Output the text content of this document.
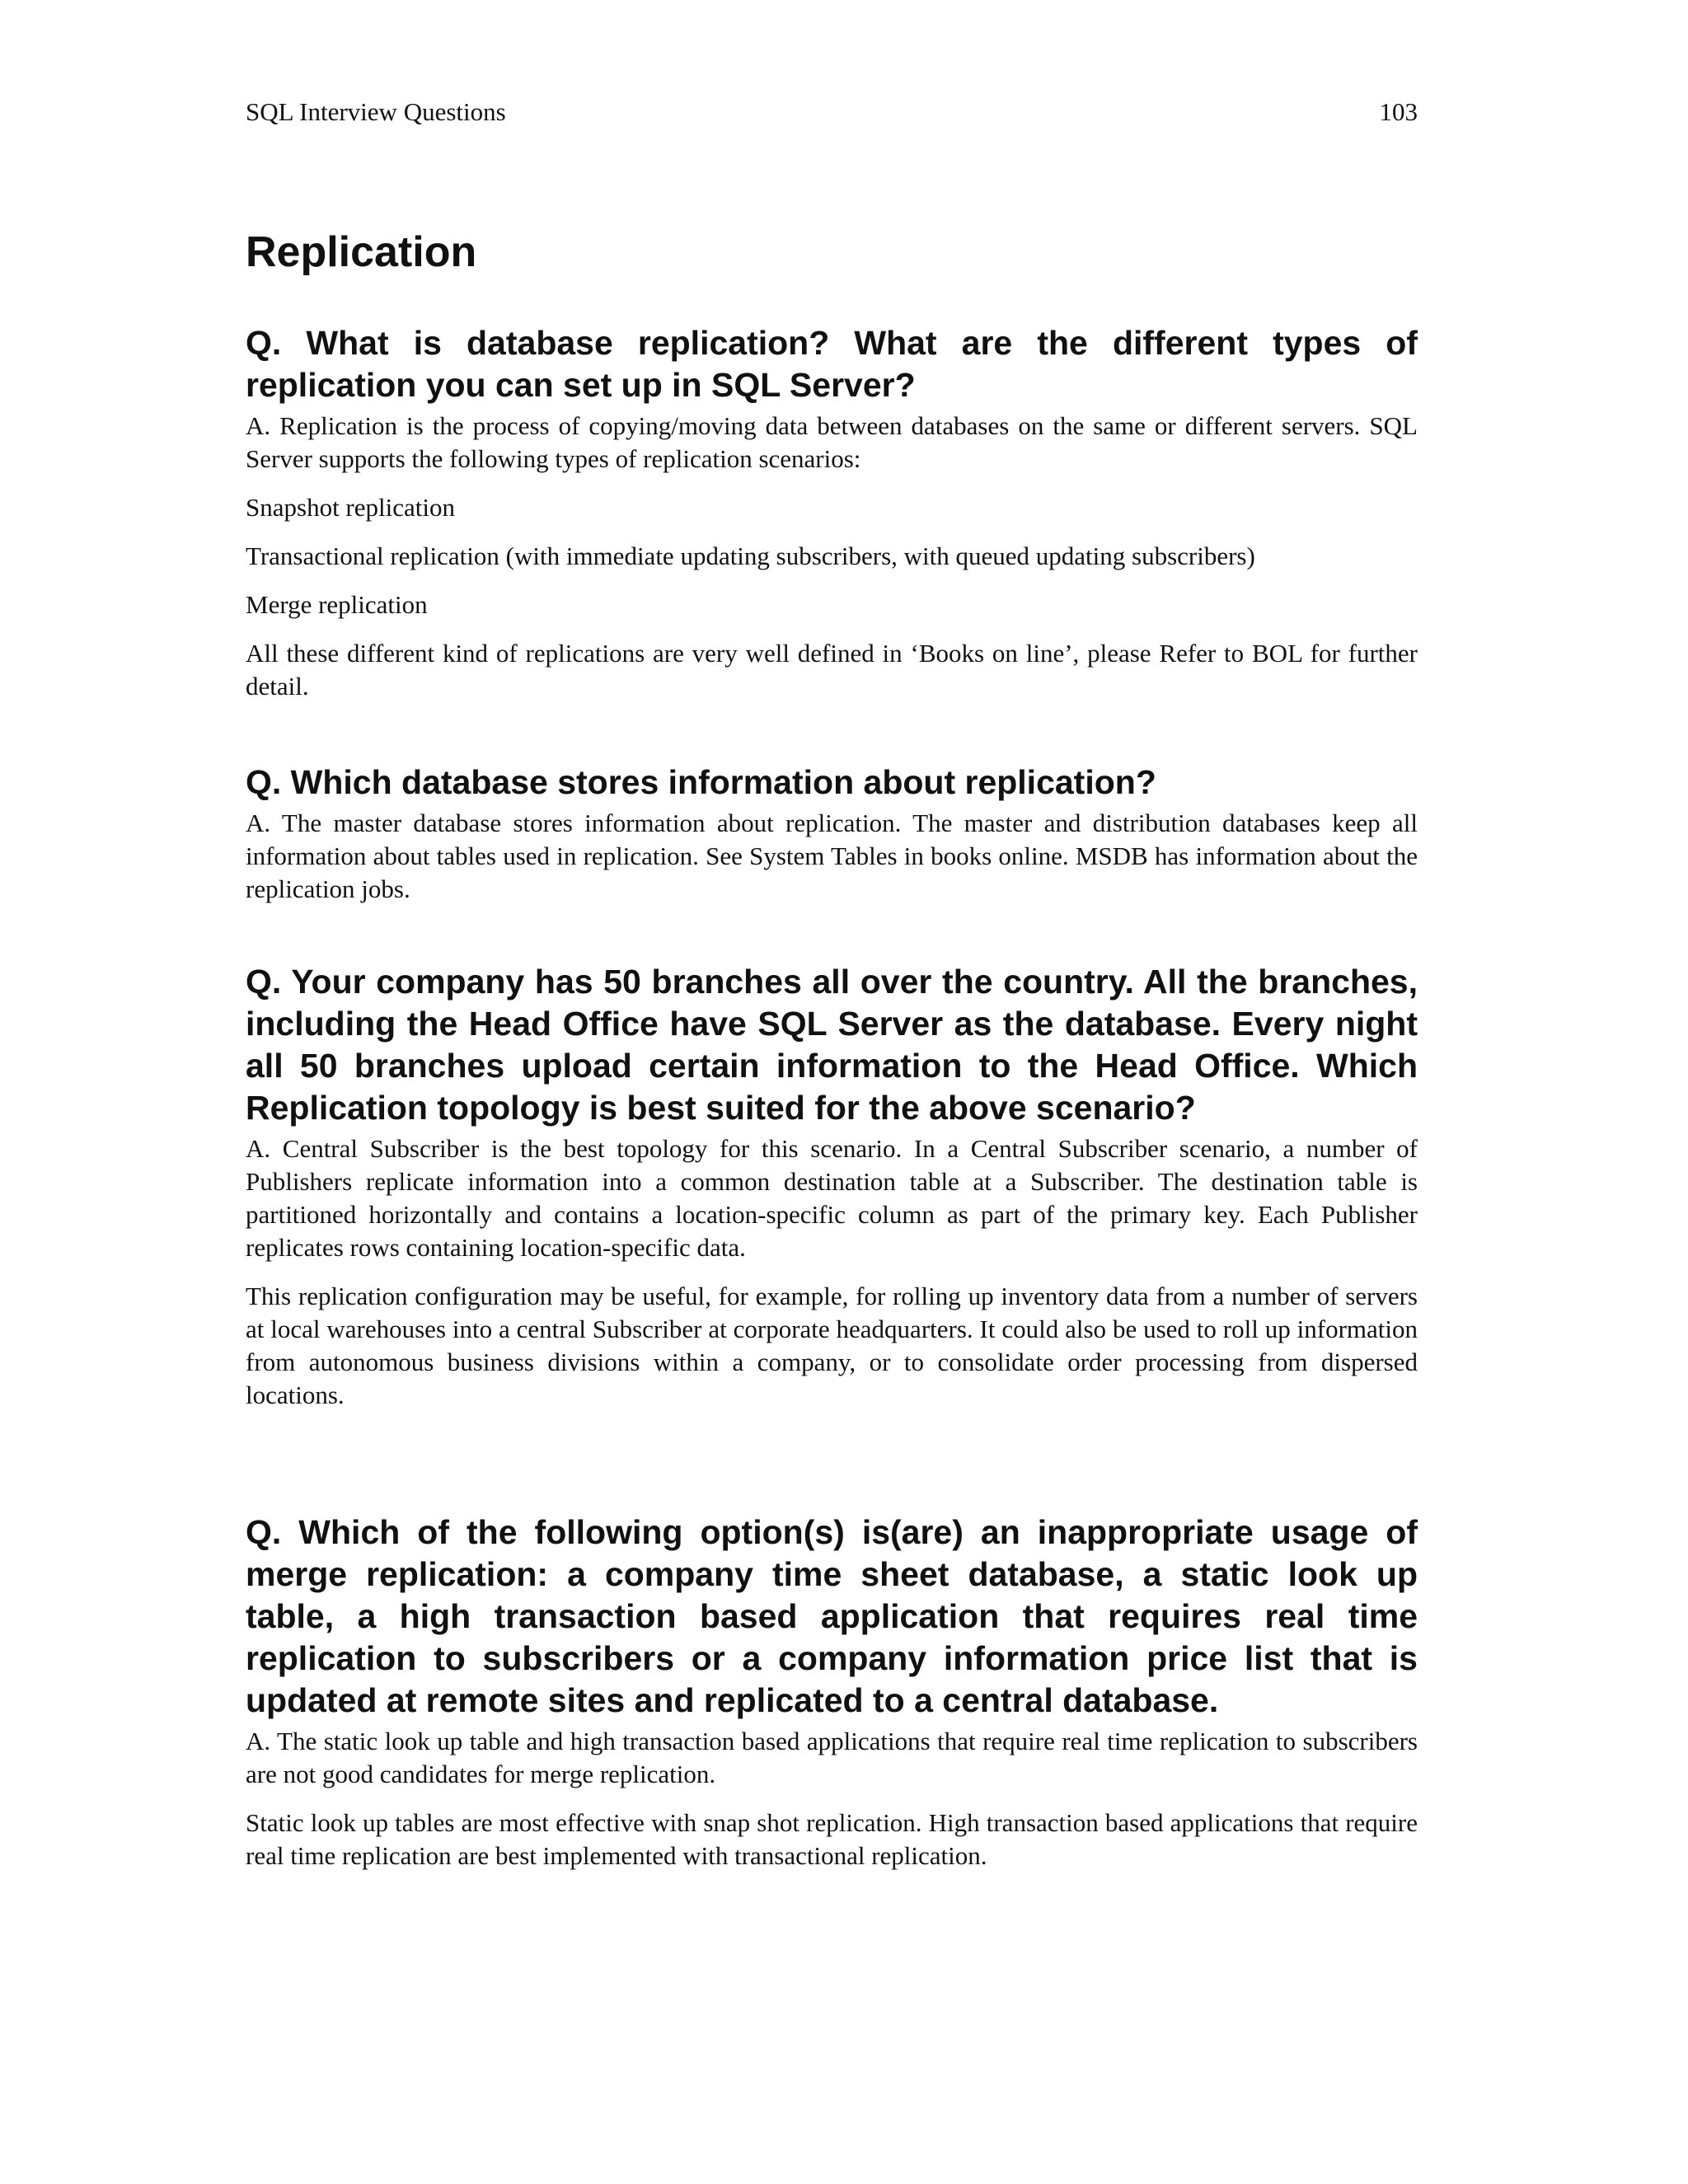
SQL Interview Questions	103
Replication

Q. What is database replication? What are the different types of replication you can set up in SQL Server?

A. Replication is the process of copying/moving data between databases on the same or different servers. SQL Server supports the following types of replication scenarios:

Snapshot replication

Transactional replication (with immediate updating subscribers, with queued updating subscribers)

Merge replication

All these different kind of replications are very well defined in ‘Books on line’, please Refer to BOL for further detail.

Q. Which database stores information about replication?

A. The master database stores information about replication. The master and distribution databases keep all information about tables used in replication. See System Tables in books online. MSDB has information about the replication jobs.

Q. Your company has 50 branches all over the country. All the branches, including the Head Office have SQL Server as the database. Every night all 50 branches upload certain information to the Head Office. Which Replication topology is best suited for the above scenario?

A. Central Subscriber is the best topology for this scenario. In a Central Subscriber scenario, a number of Publishers replicate information into a common destination table at a Subscriber. The destination table is partitioned horizontally and contains a location-specific column as part of the primary key. Each Publisher replicates rows containing location-specific data.

This replication configuration may be useful, for example, for rolling up inventory data from a number of servers at local warehouses into a central Subscriber at corporate headquarters. It could also be used to roll up information from autonomous business divisions within a company, or to consolidate order processing from dispersed locations.

Q. Which of the following option(s) is(are) an inappropriate usage of merge replication: a company time sheet database, a static look up table, a high transaction based application that requires real time replication to subscribers or a company information price list that is updated at remote sites and replicated to a central database.

A. The static look up table and high transaction based applications that require real time replication to subscribers are not good candidates for merge replication.

Static look up tables are most effective with snap shot replication. High transaction based applications that require real time replication are best implemented with transactional replication.
